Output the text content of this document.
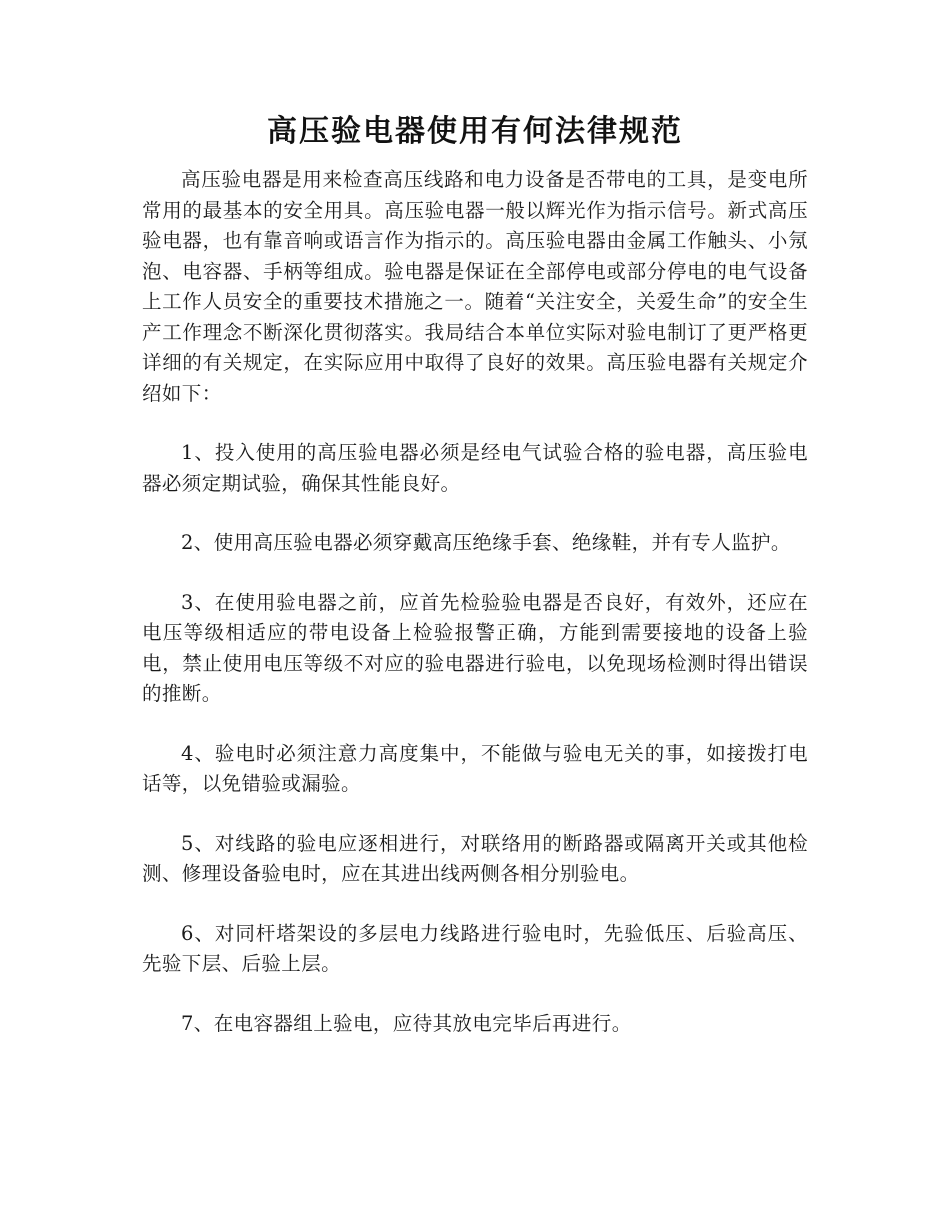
高压验电器使用有何法律规范

高压验电器是用来检查高压线路和电力设备是否带电的工具，是变电所常用的最基本的安全用具。高压验电器一般以辉光作为指示信号。新式高压验电器，也有靠音响或语言作为指示的。高压验电器由金属工作触头、小氖泡、电容器、手柄等组成。验电器是保证在全部停电或部分停电的电气设备上工作人员安全的重要技术措施之一。随着“关注安全，关爱生命”的安全生产工作理念不断深化贯彻落实。我局结合本单位实际对验电制订了更严格更详细的有关规定，在实际应用中取得了良好的效果。高压验电器有关规定介绍如下：

1、投入使用的高压验电器必须是经电气试验合格的验电器，高压验电器必须定期试验，确保其性能良好。

2、使用高压验电器必须穿戴高压绝缘手套、绝缘鞋，并有专人监护。

3、在使用验电器之前，应首先检验验电器是否良好，有效外，还应在电压等级相适应的带电设备上检验报警正确，方能到需要接地的设备上验电，禁止使用电压等级不对应的验电器进行验电，以免现场检测时得出错误的推断。

4、验电时必须注意力高度集中，不能做与验电无关的事，如接拨打电话等，以免错验或漏验。

5、对线路的验电应逐相进行，对联络用的断路器或隔离开关或其他检测、修理设备验电时，应在其进出线两侧各相分别验电。

6、对同杆塔架设的多层电力线路进行验电时，先验低压、后验高压、先验下层、后验上层。

7、在电容器组上验电，应待其放电完毕后再进行。
